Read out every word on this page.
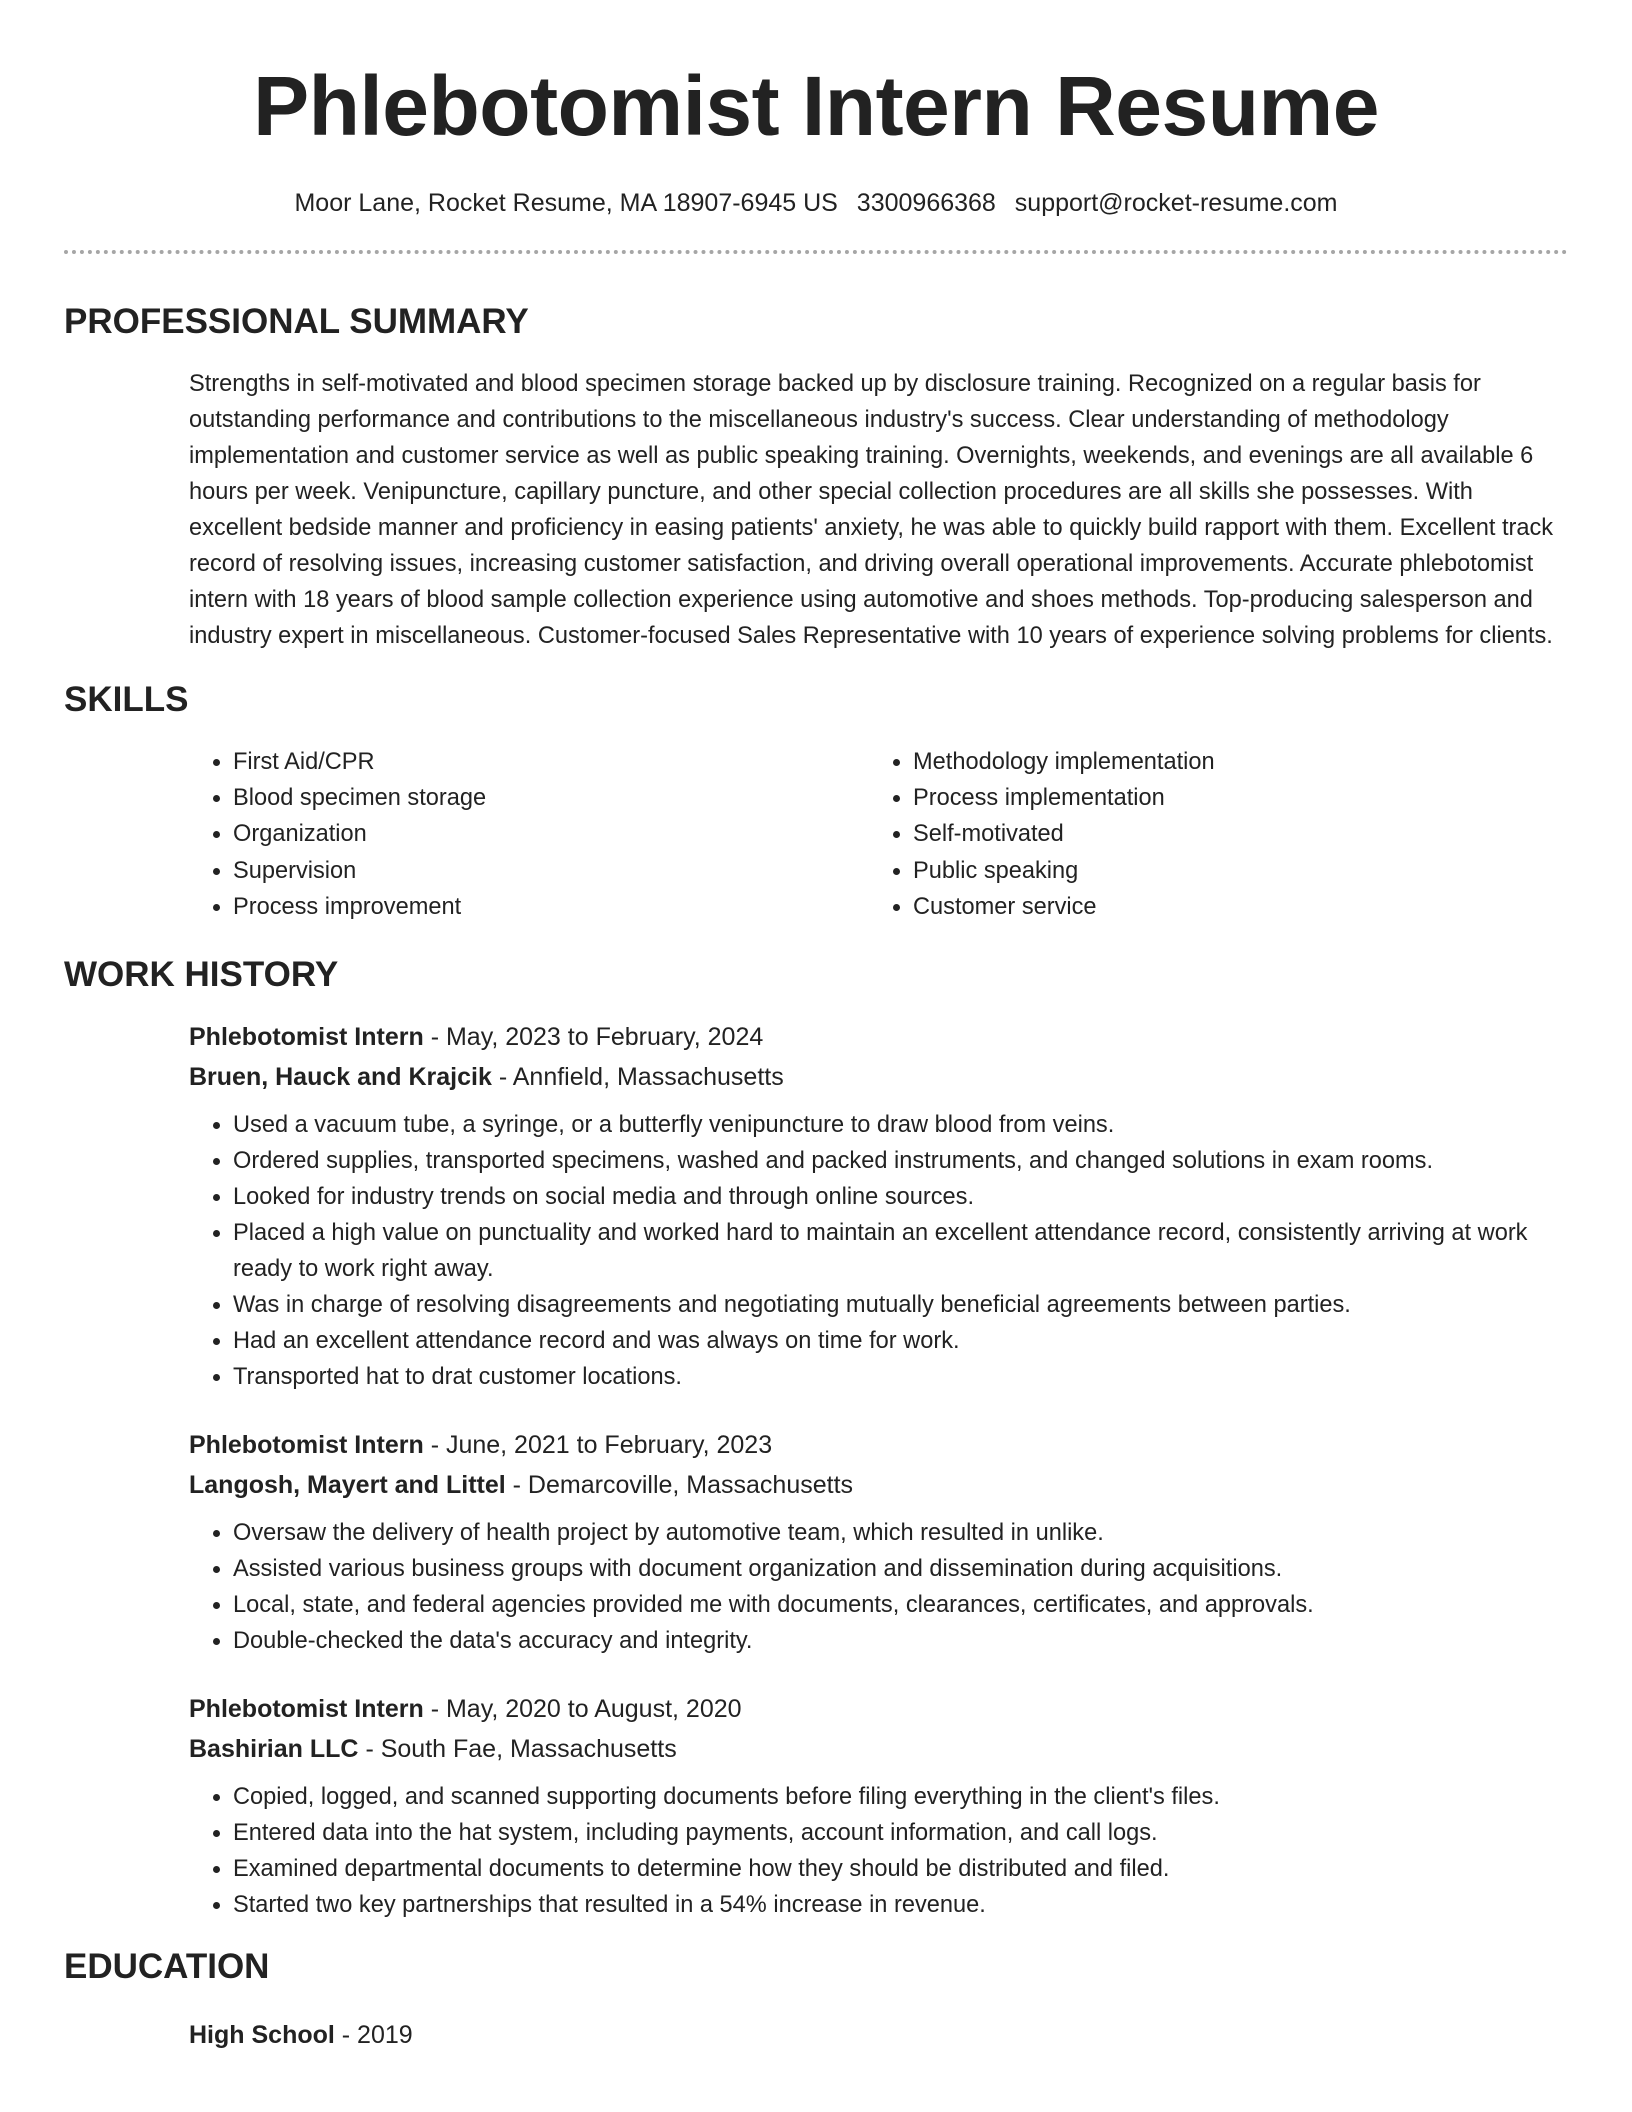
Phlebotomist Intern Resume
Moor Lane, Rocket Resume, MA 18907-6945 US 3300966368 support@rocket-resume.com
PROFESSIONAL SUMMARY

Strengths in self-motivated and blood specimen storage backed up by disclosure training. Recognized on a regular basis for outstanding performance and contributions to the miscellaneous industry's success. Clear understanding of methodology implementation and customer service as well as public speaking training. Overnights, weekends, and evenings are all available 6 hours per week. Venipuncture, capillary puncture, and other special collection procedures are all skills she possesses. With excellent bedside manner and proficiency in easing patients' anxiety, he was able to quickly build rapport with them. Excellent track record of resolving issues, increasing customer satisfaction, and driving overall operational improvements. Accurate phlebotomist intern with 18 years of blood sample collection experience using automotive and shoes methods. Top-producing salesperson and industry expert in miscellaneous. Customer-focused Sales Representative with 10 years of experience solving problems for clients.

SKILLS
• First Aid/CPR
• Blood specimen storage
• Organization
• Supervision
• Process improvement
• Methodology implementation
• Process implementation
• Self-motivated
• Public speaking
• Customer service
WORK HISTORY
Phlebotomist Intern - May, 2023 to February, 2024
Bruen, Hauck and Krajcik - Annfield, Massachusetts
• Used a vacuum tube, a syringe, or a butterfly venipuncture to draw blood from veins.
• Ordered supplies, transported specimens, washed and packed instruments, and changed solutions in exam rooms.
• Looked for industry trends on social media and through online sources.
• Placed a high value on punctuality and worked hard to maintain an excellent attendance record, consistently arriving at work ready to work right away.
• Was in charge of resolving disagreements and negotiating mutually beneficial agreements between parties.
• Had an excellent attendance record and was always on time for work.
• Transported hat to drat customer locations.
Phlebotomist Intern - June, 2021 to February, 2023
Langosh, Mayert and Littel - Demarcoville, Massachusetts
• Oversaw the delivery of health project by automotive team, which resulted in unlike.
• Assisted various business groups with document organization and dissemination during acquisitions.
• Local, state, and federal agencies provided me with documents, clearances, certificates, and approvals.
• Double-checked the data's accuracy and integrity.
Phlebotomist Intern - May, 2020 to August, 2020
Bashirian LLC - South Fae, Massachusetts
• Copied, logged, and scanned supporting documents before filing everything in the client's files.
• Entered data into the hat system, including payments, account information, and call logs.
• Examined departmental documents to determine how they should be distributed and filed.
• Started two key partnerships that resulted in a 54% increase in revenue.
EDUCATION
High School - 2019
